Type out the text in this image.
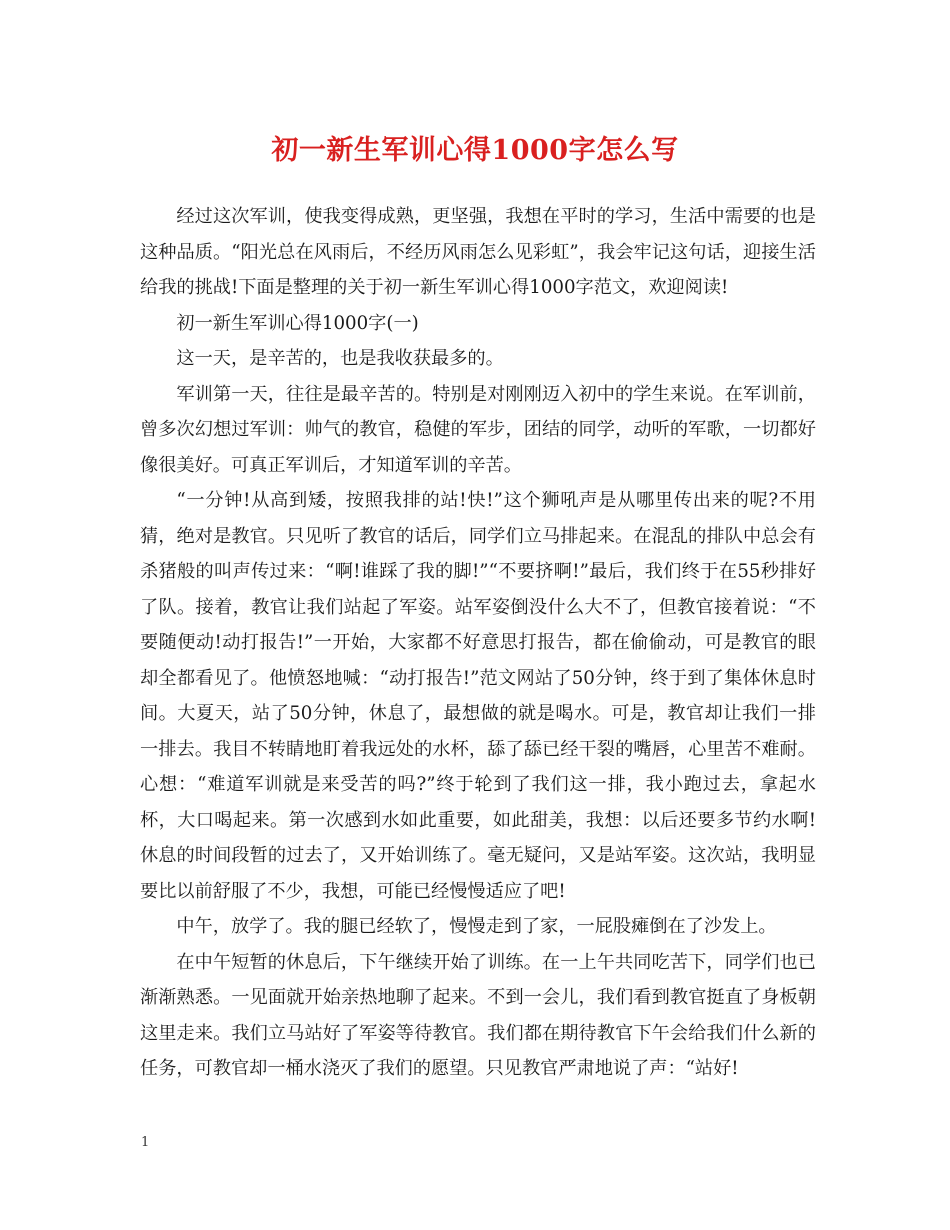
初一新生军训心得1000字怎么写

经过这次军训，使我变得成熟，更坚强，我想在平时的学习，生活中需要的也是这种品质。“阳光总在风雨后，不经历风雨怎么见彩虹”，我会牢记这句话，迎接生活给我的挑战!下面是整理的关于初一新生军训心得1000字范文，欢迎阅读!

初一新生军训心得1000字(一)

这一天，是辛苦的，也是我收获最多的。

军训第一天，往往是最辛苦的。特别是对刚刚迈入初中的学生来说。在军训前，曾多次幻想过军训：帅气的教官，稳健的军步，团结的同学，动听的军歌，一切都好像很美好。可真正军训后，才知道军训的辛苦。

“一分钟!从高到矮，按照我排的站!快!”这个狮吼声是从哪里传出来的呢?不用猜，绝对是教官。只见听了教官的话后，同学们立马排起来。在混乱的排队中总会有杀猪般的叫声传过来：“啊!谁踩了我的脚!”“不要挤啊!”最后，我们终于在55秒排好了队。接着，教官让我们站起了军姿。站军姿倒没什么大不了，但教官接着说：“不要随便动!动打报告!”一开始，大家都不好意思打报告，都在偷偷动，可是教官的眼却全都看见了。他愤怒地喊：“动打报告!”范文网站了50分钟，终于到了集体休息时间。大夏天，站了50分钟，休息了，最想做的就是喝水。可是，教官却让我们一排一排去。我目不转睛地盯着我远处的水杯，舔了舔已经干裂的嘴唇，心里苦不难耐。心想：“难道军训就是来受苦的吗?”终于轮到了我们这一排，我小跑过去，拿起水杯，大口喝起来。第一次感到水如此重要，如此甜美，我想：以后还要多节约水啊!休息的时间段暂的过去了，又开始训练了。毫无疑问，又是站军姿。这次站，我明显要比以前舒服了不少，我想，可能已经慢慢适应了吧!

中午，放学了。我的腿已经软了，慢慢走到了家，一屁股瘫倒在了沙发上。

在中午短暂的休息后，下午继续开始了训练。在一上午共同吃苦下，同学们也已渐渐熟悉。一见面就开始亲热地聊了起来。不到一会儿，我们看到教官挺直了身板朝这里走来。我们立马站好了军姿等待教官。我们都在期待教官下午会给我们什么新的任务，可教官却一桶水浇灭了我们的愿望。只见教官严肃地说了声：“站好!

1
